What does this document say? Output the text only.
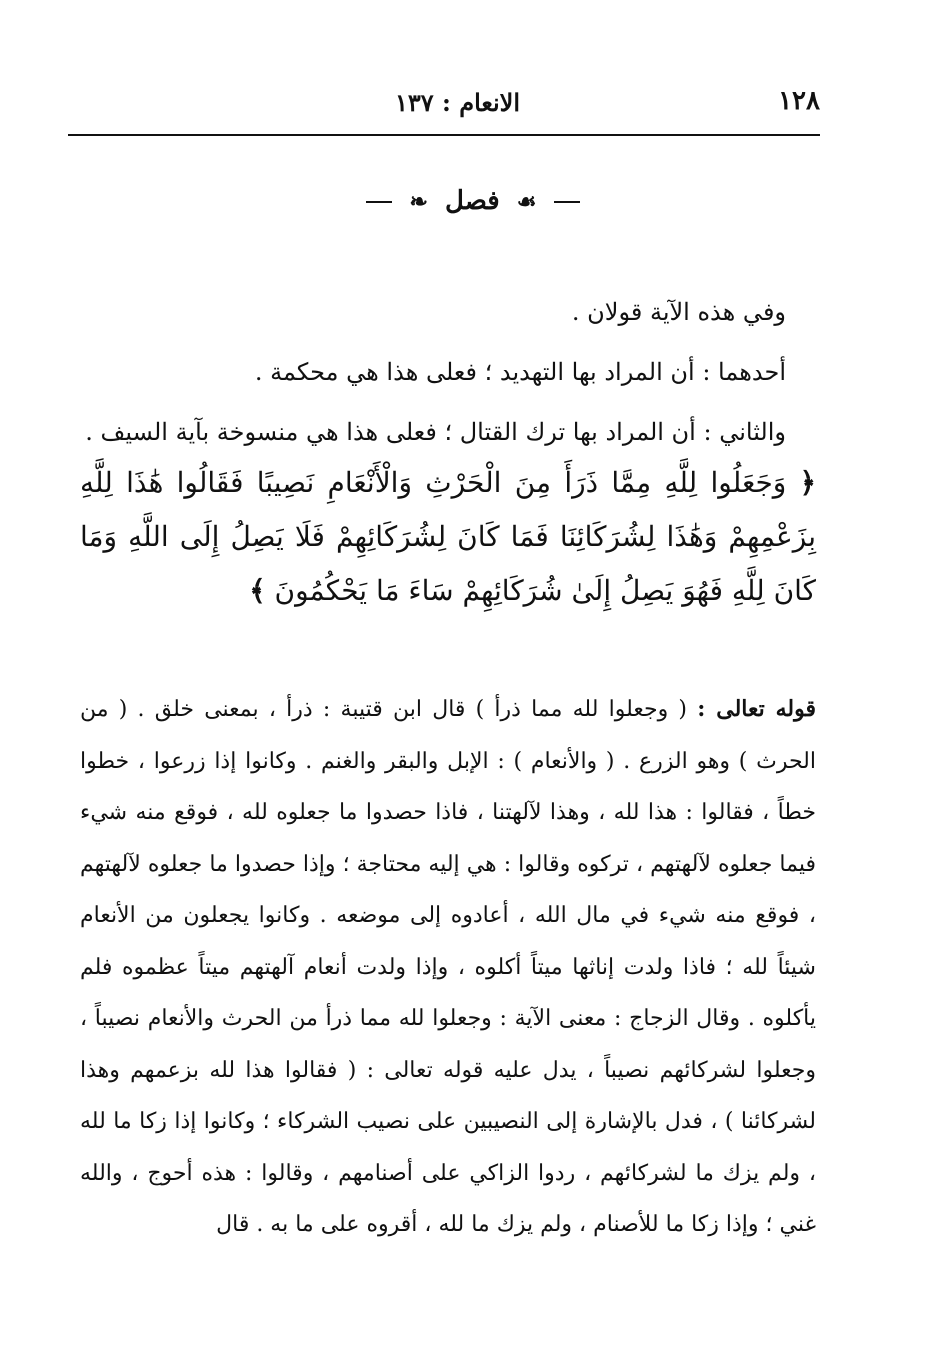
١٢٨
الانعام : ١٣٧
☙ فصل ❧

وفي هذه الآية قولان .

أحدهما : أن المراد بها التهديد ؛ فعلى هذا هي محكمة .

والثاني : أن المراد بها ترك القتال ؛ فعلى هذا هي منسوخة بآية السيف .

﴿ وَجَعَلُوا لِلَّهِ مِمَّا ذَرَأَ مِنَ الْحَرْثِ وَالْأَنْعَامِ نَصِيبًا فَقَالُوا هَٰذَا لِلَّهِ بِزَعْمِهِمْ وَهَٰذَا لِشُرَكَائِنَا فَمَا كَانَ لِشُرَكَائِهِمْ فَلَا يَصِلُ إِلَى اللَّهِ وَمَا كَانَ لِلَّهِ فَهُوَ يَصِلُ إِلَىٰ شُرَكَائِهِمْ سَاءَ مَا يَحْكُمُونَ ﴾
قوله تعالى : ( وجعلوا لله مما ذرأ ) قال ابن قتيبة : ذرأ ، بمعنى خلق . ( من الحرث ) وهو الزرع . ( والأنعام ) : الإبل والبقر والغنم . وكانوا إذا زرعوا ، خطوا خطاً ، فقالوا : هذا لله ، وهذا لآلهتنا ، فاذا حصدوا ما جعلوه لله ، فوقع منه شيء فيما جعلوه لآلهتهم ، تركوه وقالوا : هي إليه محتاجة ؛ وإذا حصدوا ما جعلوه لآلهتهم ، فوقع منه شيء في مال الله ، أعادوه إلى موضعه . وكانوا يجعلون من الأنعام شيئاً لله ؛ فاذا ولدت إناثها ميتاً أكلوه ، وإذا ولدت أنعام آلهتهم ميتاً عظموه فلم يأكلوه . وقال الزجاج : معنى الآية : وجعلوا لله مما ذرأ من الحرث والأنعام نصيباً ، وجعلوا لشركائهم نصيباً ، يدل عليه قوله تعالى : ( فقالوا هذا لله بزعمهم وهذا لشركائنا ) ، فدل بالإشارة إلى النصيبين على نصيب الشركاء ؛ وكانوا إذا زكا ما لله ، ولم يزك ما لشركائهم ، ردوا الزاكي على أصنامهم ، وقالوا : هذه أحوج ، والله غني ؛ وإذا زكا ما للأصنام ، ولم يزك ما لله ، أقروه على ما به . قال
